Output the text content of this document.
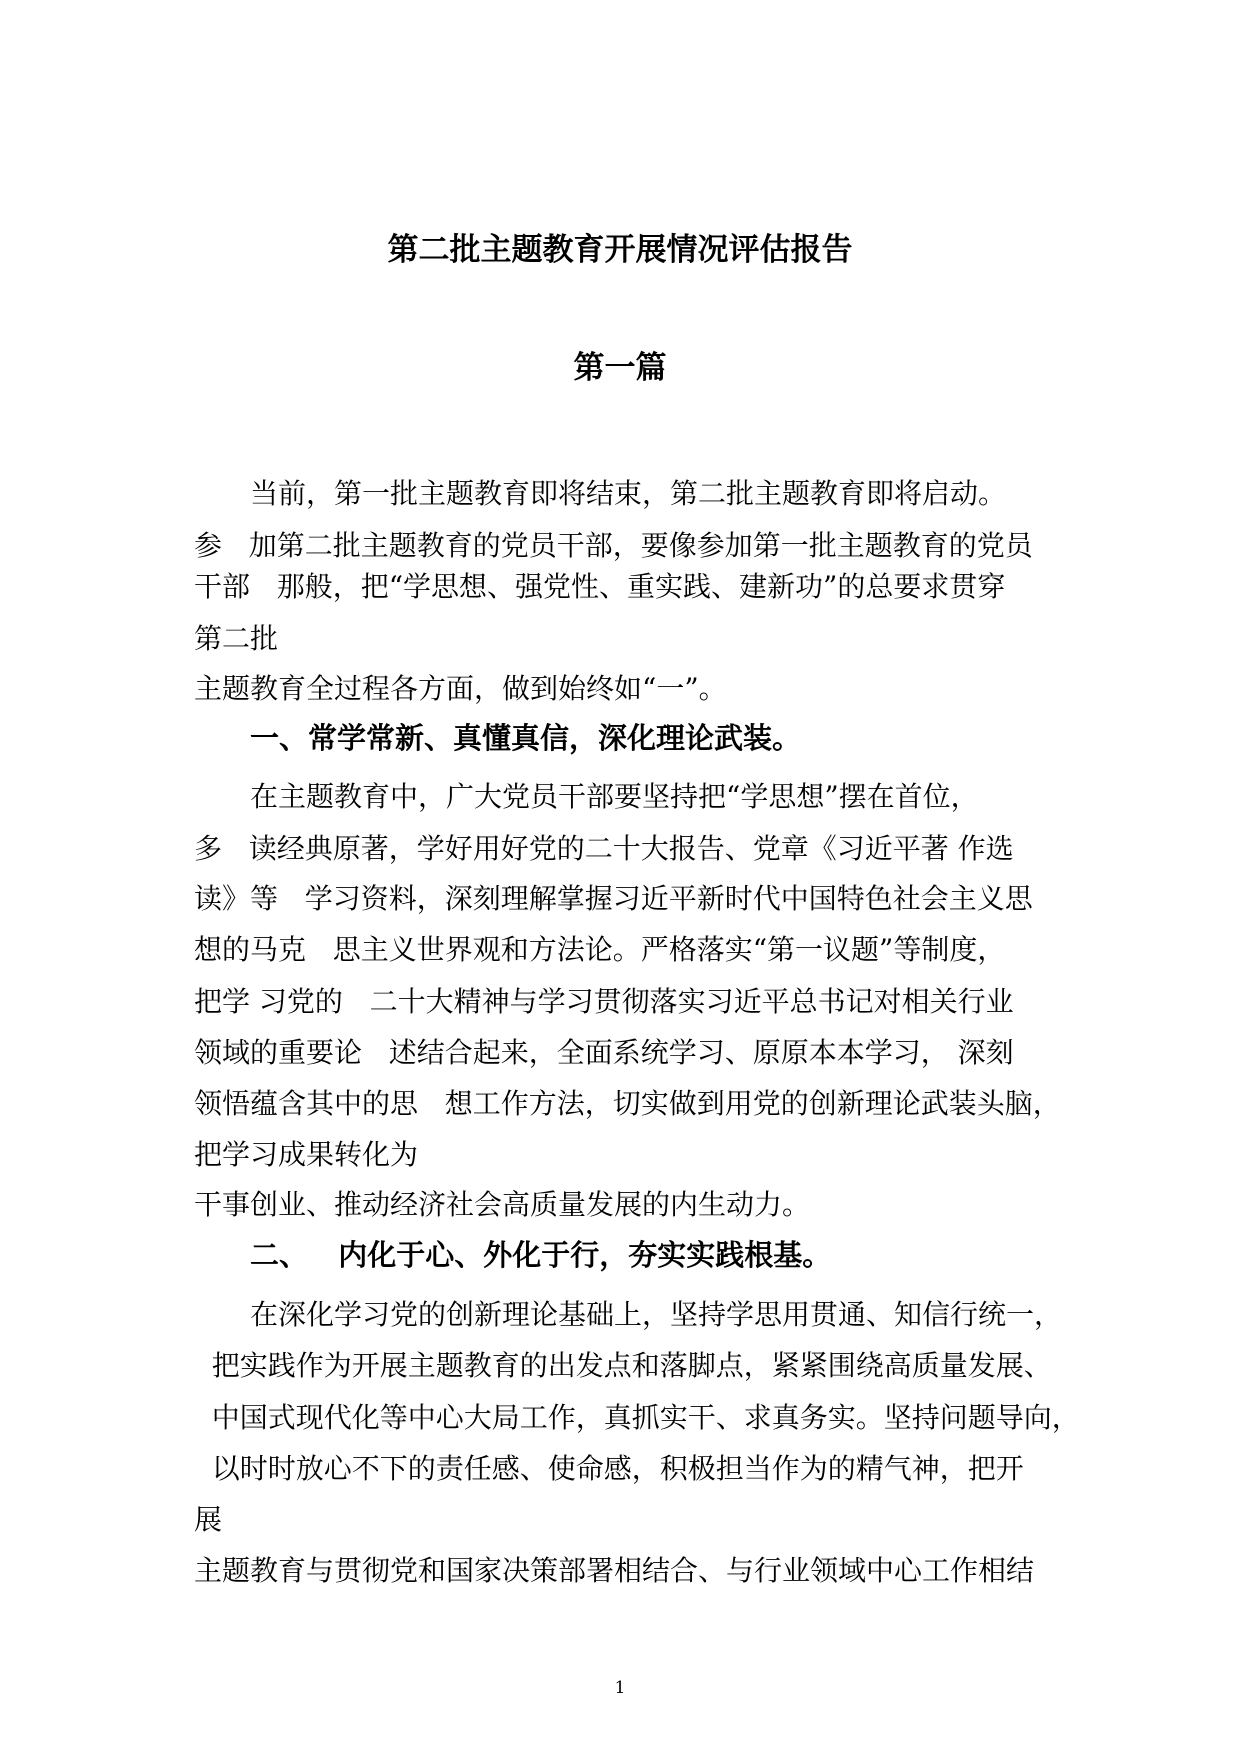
第二批主题教育开展情况评估报告
第一篇

当前，第一批主题教育即将结束，第二批主题教育即将启动。

参   加第二批主题教育的党员干部，要像参加第一批主题教育的党员

干部   那般，把“学思想、强党性、重实践、建新功”的总要求贯穿

第二批

主题教育全过程各方面，做到始终如“一”。

一、常学常新、真懂真信，深化理论武装。

在主题教育中，广大党员干部要坚持把“学思想”摆在首位，

多   读经典原著，学好用好党的二十大报告、党章《习近平著 作选

读》等   学习资料，深刻理解掌握习近平新时代中国特色社会主义思

想的马克   思主义世界观和方法论。严格落实“第一议题”等制度，

把学 习党的   二十大精神与学习贯彻落实习近平总书记对相关行业

领域的重要论   述结合起来，全面系统学习、原原本本学习， 深刻

领悟蕴含其中的思   想工作方法，切实做到用党的创新理论武装头脑，

把学习成果转化为

干事创业、推动经济社会高质量发展的内生动力。

二、   内化于心、外化于行，夯实实践根基。

在深化学习党的创新理论基础上，坚持学思用贯通、知信行统一，

把实践作为开展主题教育的出发点和落脚点，紧紧围绕高质量发展、

中国式现代化等中心大局工作，真抓实干、求真务实。坚持问题导向，

以时时放心不下的责任感、使命感，积极担当作为的精气神，把开

展

主题教育与贯彻党和国家决策部署相结合、与行业领域中心工作相结

1
